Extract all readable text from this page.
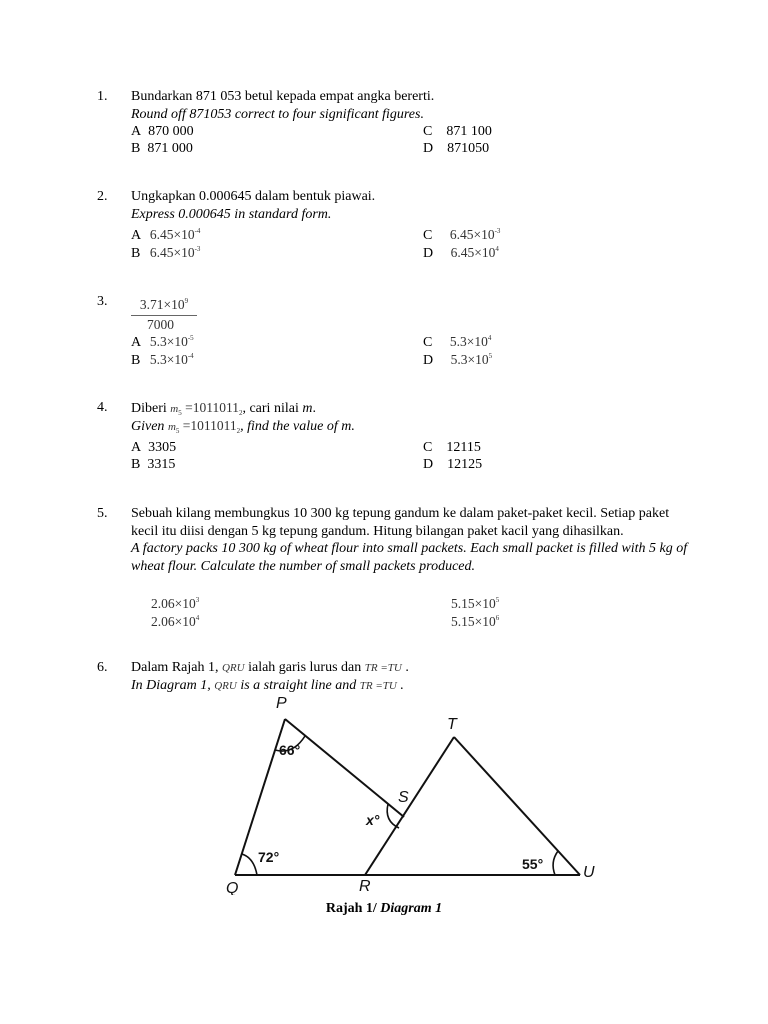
1. Bundarkan 871 053 betul kepada empat angka bererti.
Round off 871053 correct to four significant figures.
A  870 000
B  871 000
C    871 100
D    871050
2. Ungkapkan 0.000645 dalam bentuk piawai.
Express 0.000645 in standard form.
A $6.45\times 10^{-4}$
B $6.45\times 10^{-3}$
C $6.45\times 10^{-3}$
D $6.45\times 10^4$
3. $\frac{3.71\times 10^9}{7000}$
A $5.3\times 10^{-5}$
B $5.3\times 10^{-4}$
C $5.3\times 10^4$
D $5.3\times 10^5$
4. Diberi $m_5 =1011011_2$, cari nilai m.
Given $m_5 =1011011_2$, find the value of m.
A  3305
B  3315
C    12115
D    12125
5. Sebuah kilang membungkus 10 300 kg tepung gandum ke dalam paket-paket kecil. Setiap paket kecil itu diisi dengan 5 kg tepung gandum. Hitung bilangan paket kacil yang dihasilkan.
A factory packs 10 300 kg of wheat flour into small packets. Each small packet is filled with 5 kg of wheat flour. Calculate the number of small packets produced.
$2.06\times 10^3$
$2.06\times 10^4$
$5.15\times 10^5$
$5.15\times 10^6$
6. Dalam Rajah 1, QRU ialah garis lurus dan TR =TU .
In Diagram 1, QRU is a straight line and TR =TU .
P
Q	R
S
T
U
66°
72°	55°
x°
Rajah 1/ Diagram 1
